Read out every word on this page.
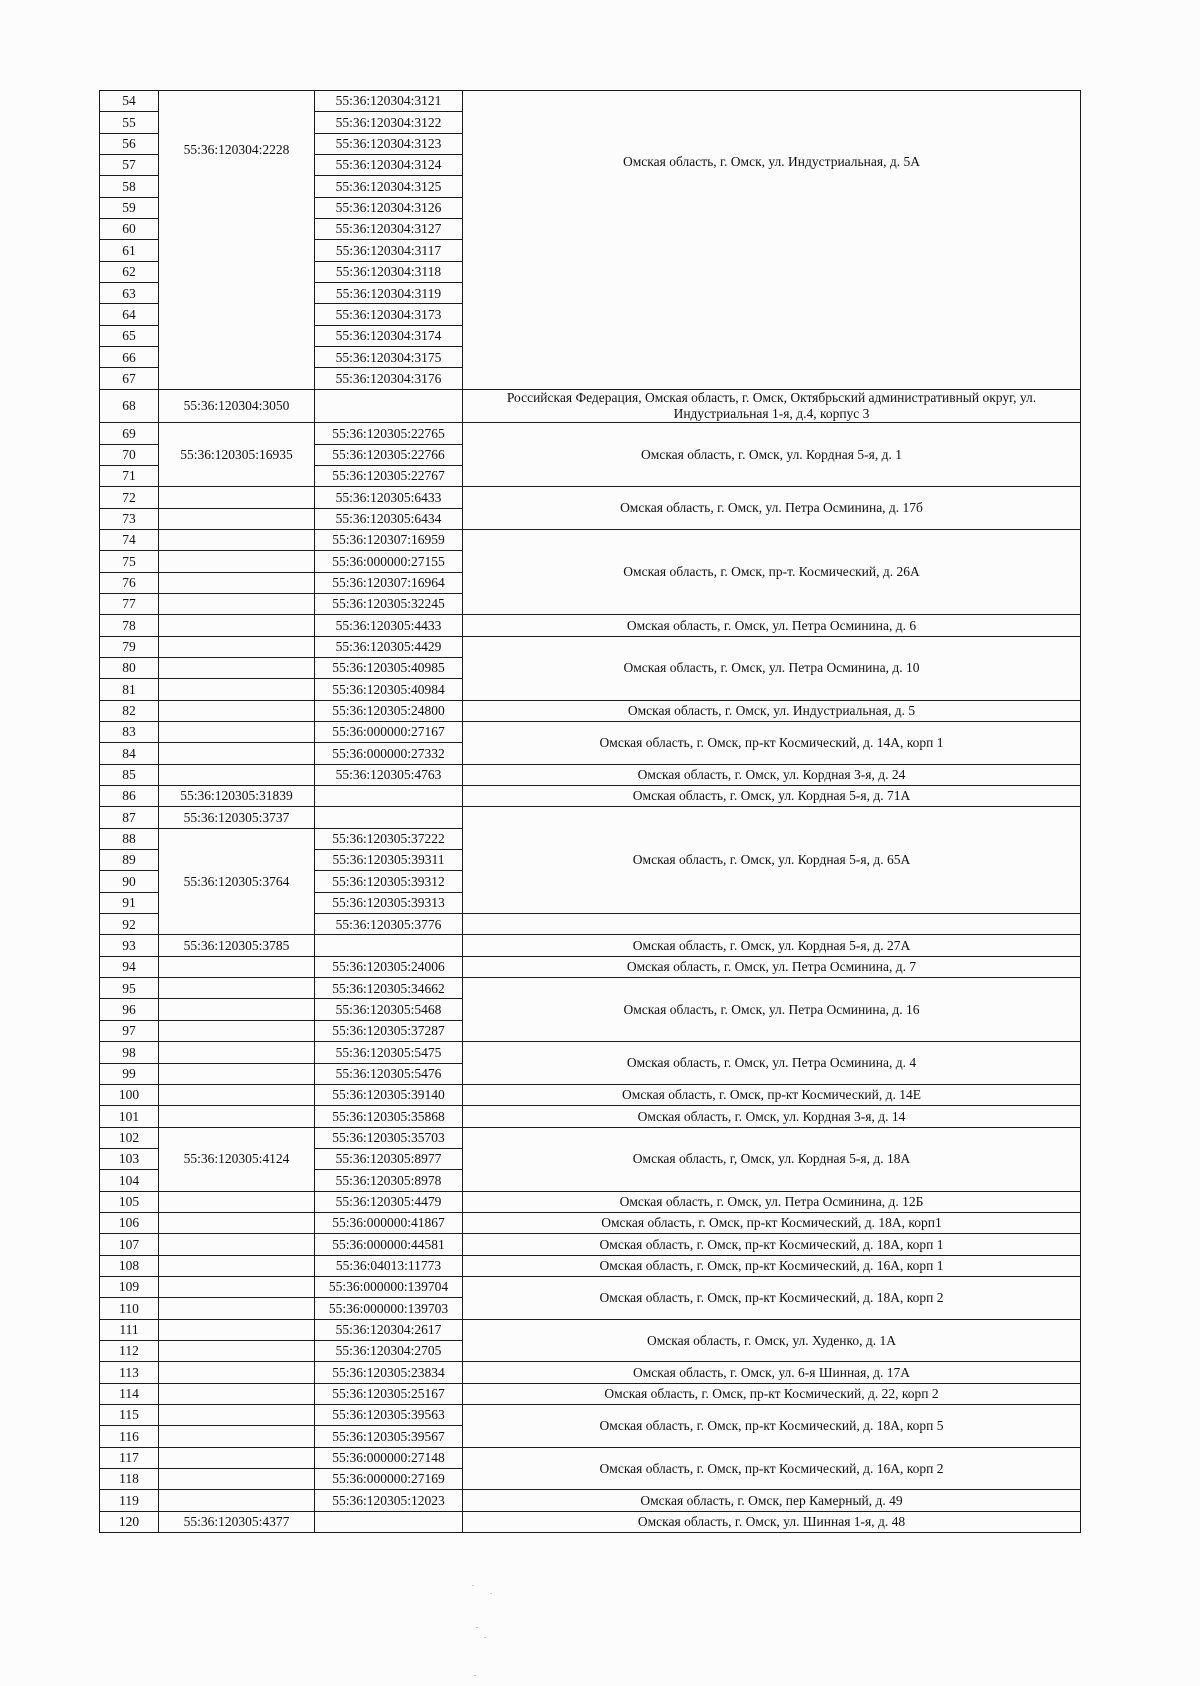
54	55:36:120304:2228	55:36:120304:3121	Омская область, г. Омск, ул. Индустриальная, д. 5А	
55		55:36:120304:3122		
56		55:36:120304:3123		
57		55:36:120304:3124		
58		55:36:120304:3125		
59		55:36:120304:3126		
60		55:36:120304:3127		
61		55:36:120304:3117		
62		55:36:120304:3118		
63		55:36:120304:3119		
64		55:36:120304:3173		
65		55:36:120304:3174		
66		55:36:120304:3175		
67		55:36:120304:3176		
68	55:36:120304:3050		Российская Федерация, Омская область, г. Омск, Октябрьский административный округ, ул. Индустриальная 1-я, д.4, корпус 3	
69	55:36:120305:16935	55:36:120305:22765	Омская область, г. Омск, ул. Кордная 5-я, д. 1	
70		55:36:120305:22766		
71		55:36:120305:22767		
72		55:36:120305:6433	Омская область, г. Омск, ул. Петра Осминина, д. 17б	
73		55:36:120305:6434		
74		55:36:120307:16959	Омская область, г. Омск, пр-т. Космический, д. 26А	
75		55:36:000000:27155		
76		55:36:120307:16964		
77		55:36:120305:32245		
78		55:36:120305:4433	Омская область, г. Омск, ул. Петра Осминина, д. 6	
79		55:36:120305:4429	Омская область, г. Омск, ул. Петра Осминина, д. 10	
80		55:36:120305:40985		
81		55:36:120305:40984		
82		55:36:120305:24800	Омская область, г. Омск, ул. Индустриальная, д. 5	
83		55:36:000000:27167	Омская область, г. Омск, пр-кт Космический, д. 14А, корп 1	
84		55:36:000000:27332		
85		55:36:120305:4763	Омская область, г. Омск, ул. Кордная 3-я, д. 24	
86	55:36:120305:31839		Омская область, г. Омск, ул. Кордная 5-я, д. 71А	
87	55:36:120305:3737		Омская область, г. Омск, ул. Кордная 5-я, д. 65А	
88	55:36:120305:3764	55:36:120305:37222		
89		55:36:120305:39311		
90		55:36:120305:39312		
91		55:36:120305:39313		
92		55:36:120305:3776		
93	55:36:120305:3785		Омская область, г. Омск, ул. Кордная 5-я, д. 27А	
94		55:36:120305:24006	Омская область, г. Омск, ул. Петра Осминина, д. 7	
95		55:36:120305:34662	Омская область, г. Омск, ул. Петра Осминина, д. 16	
96		55:36:120305:5468		
97		55:36:120305:37287		
98		55:36:120305:5475	Омская область, г. Омск, ул. Петра Осминина, д. 4	
99		55:36:120305:5476		
100		55:36:120305:39140	Омская область, г. Омск, пр-кт Космический, д. 14Е	
101		55:36:120305:35868	Омская область, г. Омск, ул. Кордная 3-я, д. 14	
102	55:36:120305:4124	55:36:120305:35703	Омская область, г, Омск, ул. Кордная 5-я, д. 18А	
103		55:36:120305:8977		
104		55:36:120305:8978		
105		55:36:120305:4479	Омская область, г. Омск, ул. Петра Осминина, д. 12Б	
106		55:36:000000:41867	Омская область, г. Омск, пр-кт Космический, д. 18А, корп1	
107		55:36:000000:44581	Омская область, г. Омск, пр-кт Космический, д. 18А, корп 1	
108		55:36:04013:11773	Омская область, г. Омск, пр-кт Космический, д. 16А, корп 1	
109		55:36:000000:139704	Омская область, г. Омск, пр-кт Космический, д. 18А, корп 2	
110		55:36:000000:139703		
111		55:36:120304:2617	Омская область, г. Омск, ул. Худенко, д. 1А	
112		55:36:120304:2705		
113		55:36:120305:23834	Омская область, г. Омск, ул. 6-я Шинная, д. 17А	
114		55:36:120305:25167	Омская область, г. Омск, пр-кт Космический, д. 22, корп 2	
115		55:36:120305:39563	Омская область, г. Омск, пр-кт Космический, д. 18А, корп 5	
116		55:36:120305:39567		
117		55:36:000000:27148	Омская область, г. Омск, пр-кт Космический, д. 16А, корп 2	
118		55:36:000000:27169		
119		55:36:120305:12023	Омская область, г. Омск, пер Камерный, д. 49	
120	55:36:120305:4377		Омская область, г. Омск, ул. Шинная 1-я, д. 48	
